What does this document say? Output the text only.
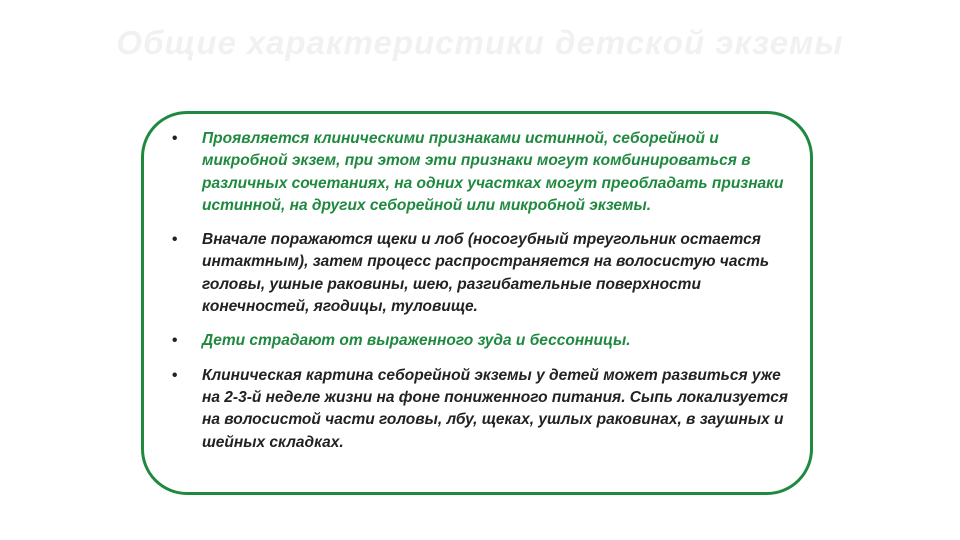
Общие характеристики детской экземы
• Проявляется клиническими признаками истинной, себорейной и микробной экзем, при этом эти признаки могут комбинироваться в различных сочетаниях, на одних участках могут преобладать признаки истинной, на других себорейной или микробной экземы.
• Вначале поражаются щеки и лоб (носогубный треугольник остается интактным), затем процесс распространяется на волосистую часть головы, ушные раковины, шею, разгибательные поверхности конечностей, ягодицы, туловище.
• Дети страдают от выраженного зуда и бессонницы.
• Клиническая картина себорейной экземы у детей может развиться уже на 2-3-й неделе жизни на фоне пониженного питания. Сыпь локализуется на волосистой части головы, лбу, щеках, ушлых раковинах, в заушных и шейных складках.
